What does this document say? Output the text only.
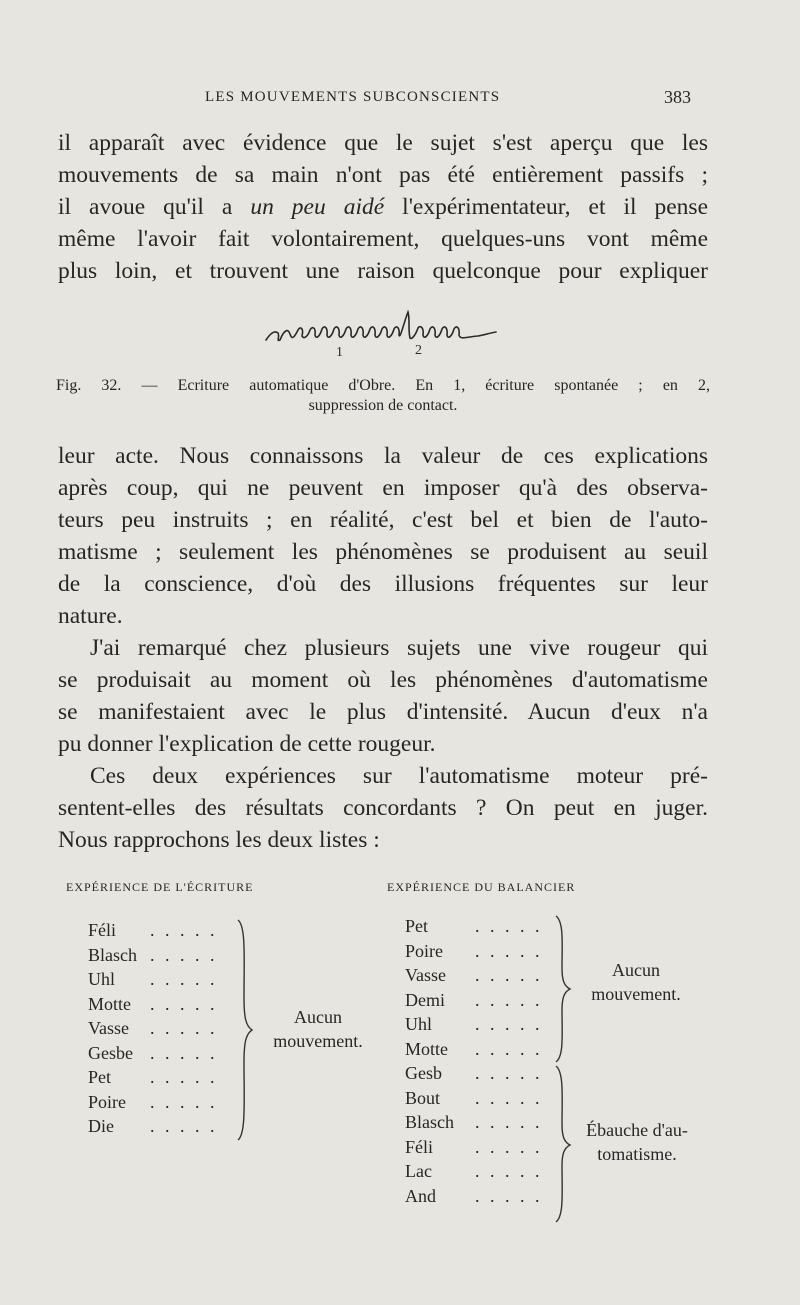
LES MOUVEMENTS SUBCONSCIENTS	383
il apparaît avec évidence que le sujet s'est aperçu que les
mouvements de sa main n'ont pas été entièrement passifs ;
il avoue qu'il a un peu aidé l'expérimentateur, et il pense
même l'avoir fait volontairement, quelques-uns vont même
plus loin, et trouvent une raison quelconque pour expliquer
1	2
Fig. 32. — Ecriture automatique d'Obre. En 1, écriture spontanée ; en 2,
suppression de contact.
leur acte. Nous connaissons la valeur de ces explications
après coup, qui ne peuvent en imposer qu'à des observa-
teurs peu instruits ; en réalité, c'est bel et bien de l'auto-
matisme ; seulement les phénomènes se produisent au seuil
de la conscience, d'où des illusions fréquentes sur leur
nature.
J'ai remarqué chez plusieurs sujets une vive rougeur qui
se produisait au moment où les phénomènes d'automatisme
se manifestaient avec le plus d'intensité. Aucun d'eux n'a
pu donner l'explication de cette rougeur.
Ces deux expériences sur l'automatisme moteur pré-
sentent-elles des résultats concordants ? On peut en juger.
Nous rapprochons les deux listes :
EXPÉRIENCE DE L'ÉCRITURE	EXPÉRIENCE DU BALANCIER
Féli . . . . .
Blasch . . . . .
Uhl . . . . .
Motte . . . . .
Vasse . . . . .
Gesbe . . . . .
Pet . . . . .
Poire . . . . .
Die . . . . .
Aucun
mouvement.
Pet	. . . . .
Poire . . . . .
Vasse . . . . .
Demi . . . . .
Uhl . . . . .
Motte . . . . .
Gesb . . . . .
Bout . . . . .
Blasch . . . . .
Féli . . . . .
Lac . . . . .
And . . . . .
Aucun
mouvement.
Ébauche d'au-
tomatisme.
